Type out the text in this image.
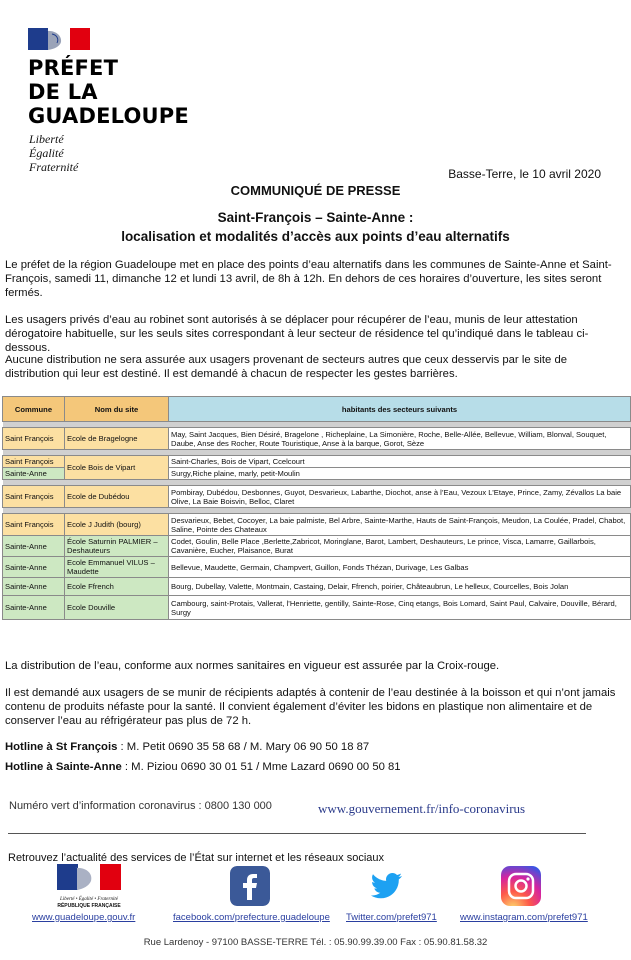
PRÉFET
DE LA
GUADELOUPE
Liberté
Égalité
Fraternité	Basse-Terre, le 10 avril 2020
COMMUNIQUÉ DE PRESSE
Saint-François – Sainte-Anne :
localisation et modalités d’accès aux points d’eau alternatifs
Le préfet de la région Guadeloupe met en place des points d’eau alternatifs dans les communes de Sainte-Anne et Saint-François, samedi 11, dimanche 12 et lundi 13 avril, de 8h à 12h. En dehors de ces horaires d’ouverture, les sites seront fermés.
Les usagers privés d’eau au robinet sont autorisés à se déplacer pour récupérer de l’eau, munis de leur attestation dérogatoire habituelle, sur les seuls sites correspondant à leur secteur de résidence tel qu’indiqué dans le tableau ci-dessous.
Aucune distribution ne sera assurée aux usagers provenant de secteurs autres que ceux desservis par le site de distribution qui leur est destiné. Il est demandé à chacun de respecter les gestes barrières.
Commune	Nom du site	habitants des secteurs suivants

Saint François	Ecole de Bragelogne	May, Saint Jacques, Bien Désiré, Bragelone , Richeplaine, La Simonière, Roche, Belle-Allée, Bellevue, William, Blonval, Souquet, Daube, Anse des Rocher, Route Touristique, Anse à la barque, Gorot, Sèze

Saint François	Ecole Bois de Vipart	Saint-Charles, Bois de Vipart, Ccelcourt
Sainte-Anne		Surgy,Riche plaine, marly, petit-Moulin

Saint François	Ecole de Dubédou	Pombiray, Dubédou, Desbonnes, Guyot, Desvarieux, Labarthe, Diochot, anse à l’Eau, Vezoux L’Etaye, Prince, Zamy, Zévallos La baie Olive, La Baie Boisvin, Belloc, Claret

Saint François	Ecole J Judith (bourg)	Desvarieux, Bebet, Cocoyer, La baie palmiste, Bel Arbre, Sainte-Marthe, Hauts de Saint-François, Meudon, La Coulée, Pradel, Chabot, Saline, Pointe des Chateaux
Sainte-Anne	École Saturnin PALMIER – Deshauteurs	Codet, Goulin, Belle Place ,Berlette,Zabricot, Moringlane, Barot, Lambert, Deshauteurs, Le prince, Visca, Lamarre, Gaillarbois, Cavanière, Eucher, Plaisance, Burat
Sainte-Anne	Ecole Emmanuel VILUS – Maudette	Bellevue, Maudette, Germain, Champvert, Guillon, Fonds Thézan, Durivage, Les Galbas
Sainte-Anne	Ecole Ffrench	Bourg, Dubellay, Valette, Montmain, Castaing, Delair, Ffrench, poirier, Châteaubrun, Le helleux, Courcelles, Bois Jolan
Sainte-Anne	Ecole Douville	Cambourg, saint-Protais, Vallerat, l’Henriette, gentilly, Sainte-Rose, Cinq etangs, Bois Lomard, Saint Paul, Calvaire, Douville, Bérard, Surgy
La distribution de l’eau, conforme aux normes sanitaires en vigueur est assurée par la Croix-rouge.
Il est demandé aux usagers de se munir de récipients adaptés à contenir de l’eau destinée à la boisson et qui n’ont jamais contenu de produits néfaste pour la santé. Il convient également d’éviter les bidons en plastique non alimentaire et de conserver l’eau au réfrigérateur pas plus de 72 h.
Hotline à St François : M. Petit 0690 35 58 68 / M. Mary 06 90 50 18 87
Hotline à Sainte-Anne : M. Piziou 0690 30 01 51 / Mme Lazard 0690 00 50 81
Numéro vert d’information coronavirus : 0800 130 000	www.gouvernement.fr/info-coronavirus
Retrouvez l’actualité des services de l’État sur internet et les réseaux sociaux
Liberté • Égalité • Fraternité
RÉPUBLIQUE FRANÇAISE
www.guadeloupe.gouv.fr	facebook.com/prefecture.guadeloupe Twitter.com/prefet971 www.instagram.com/prefet971
Rue Lardenoy - 97100 BASSE-TERRE Tél. : 05.90.99.39.00 Fax : 05.90.81.58.32
